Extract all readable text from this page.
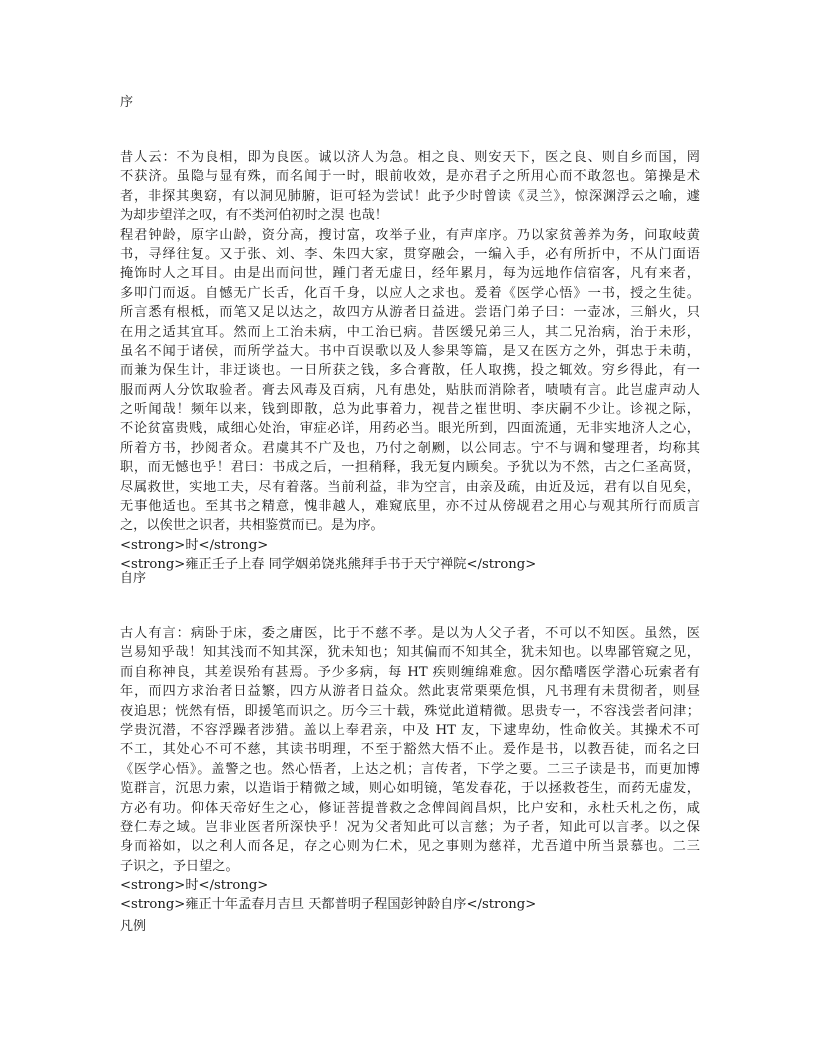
序
昔人云：不为良相，即为良医。诚以济人为急。相之良、则安天下，医之良、则自乡而国，罔
不获济。虽隐与显有殊，而名闻于一时，眼前收效，是亦君子之所用心而不敢忽也。第操是术
者，非探其奥窈，有以洞见肺腑，讵可轻为尝试！此予少时曾读《灵兰》，惊深渊浮云之喻，遽
为却步望洋之叹，有不类河伯初时之淏 也哉！
程君钟龄，原字山龄，资分高，搜讨富，攻举子业，有声庠序。乃以家贫善养为务，问取岐黄
书，寻绎往复。又于张、刘、李、朱四大家，贯穿融会，一编入手，必有所折中，不从门面语
掩饰时人之耳目。由是出而问世，踵门者无虚日，经年累月，每为远地作信宿客，凡有来者，
多叩门而返。自憾无广长舌，化百千身，以应人之求也。爰着《医学心悟》一书，授之生徒。
所言悉有根柢，而笔又足以达之，故四方从游者日益进。尝语门弟子曰：一壶冰，三斛火，只
在用之适其宜耳。然而上工治未病，中工治已病。昔医缓兄弟三人，其二兄治病，治于未形，
虽名不闻于诸侯，而所学益大。书中百误歌以及人参果等篇，是又在医方之外，弭忠于未萌，
而兼为保生计，非迂谈也。一日所获之钱，多合膏散，任人取携，投之辄效。穷乡得此，有一
服而两人分饮取验者。膏去风毒及百病，凡有患处，贴肤而消除者，啧啧有言。此岂虚声动人
之听闻哉！频年以来，钱到即散，总为此事着力，视昔之崔世明、李庆嗣不少让。诊视之际，
不论贫富贵贱，咸细心处治，审症必详，用药必当。眼光所到，四面流通，无非实地济人之心，
所着方书，抄阅者众。君虞其不广及也，乃付之剞劂，以公同志。宁不与调和燮理者，均称其
职，而无憾也乎！君曰：书成之后，一担稍释，我无复内顾矣。予犹以为不然，古之仁圣高贤，
尽属救世，实地工夫，尽有着落。当前利益，非为空言，由亲及疏，由近及远，君有以自见矣，
无事他适也。至其书之精意，愧非越人，难窥底里，亦不过从傍觇君之用心与观其所行而质言
之，以俟世之识者，共相鉴赏而已。是为序。
<strong>时</strong>
<strong>雍正壬子上春 同学姻弟饶兆熊拜手书于天宁禅院</strong>
自序
古人有言：病卧于床，委之庸医，比于不慈不孝。是以为人父子者，不可以不知医。虽然，医
岂易知乎哉！知其浅而不知其深，犹未知也；知其偏而不知其全，犹未知也。以卑鄙管窥之见，
而自称神良，其差误殆有甚焉。予少多病，每 HT 疾则缠绵难愈。因尔酷嗜医学潜心玩索者有
年，而四方求治者日益繁，四方从游者日益众。然此衷常栗栗危惧，凡书理有未贯彻者，则昼
夜追思；恍然有悟，即援笔而识之。历今三十载，殊觉此道精微。思贵专一，不容浅尝者问津；
学贵沉潜，不容浮躁者涉猎。盖以上奉君亲，中及 HT 友，下逮卑幼，性命攸关。其操术不可
不工，其处心不可不慈，其读书明理，不至于豁然大悟不止。爰作是书，以教吾徒，而名之曰
《医学心悟》。盖警之也。然心悟者，上达之机；言传者，下学之要。二三子读是书，而更加博
览群言，沉思力索，以造诣于精微之域，则心如明镜，笔发春花，于以拯救苍生，而药无虚发，
方必有功。仰体天帝好生之心，修证菩提普救之念俾闾阎昌炽，比户安和，永杜夭札之伤，咸
登仁寿之域。岂非业医者所深快乎！况为父者知此可以言慈；为子者，知此可以言孝。以之保
身而裕如，以之利人而各足，存之心则为仁术，见之事则为慈祥，尤吾道中所当景慕也。二三
子识之，予日望之。
<strong>时</strong>
<strong>雍正十年孟春月吉旦 天都普明子程国彭钟龄自序</strong>
凡例
